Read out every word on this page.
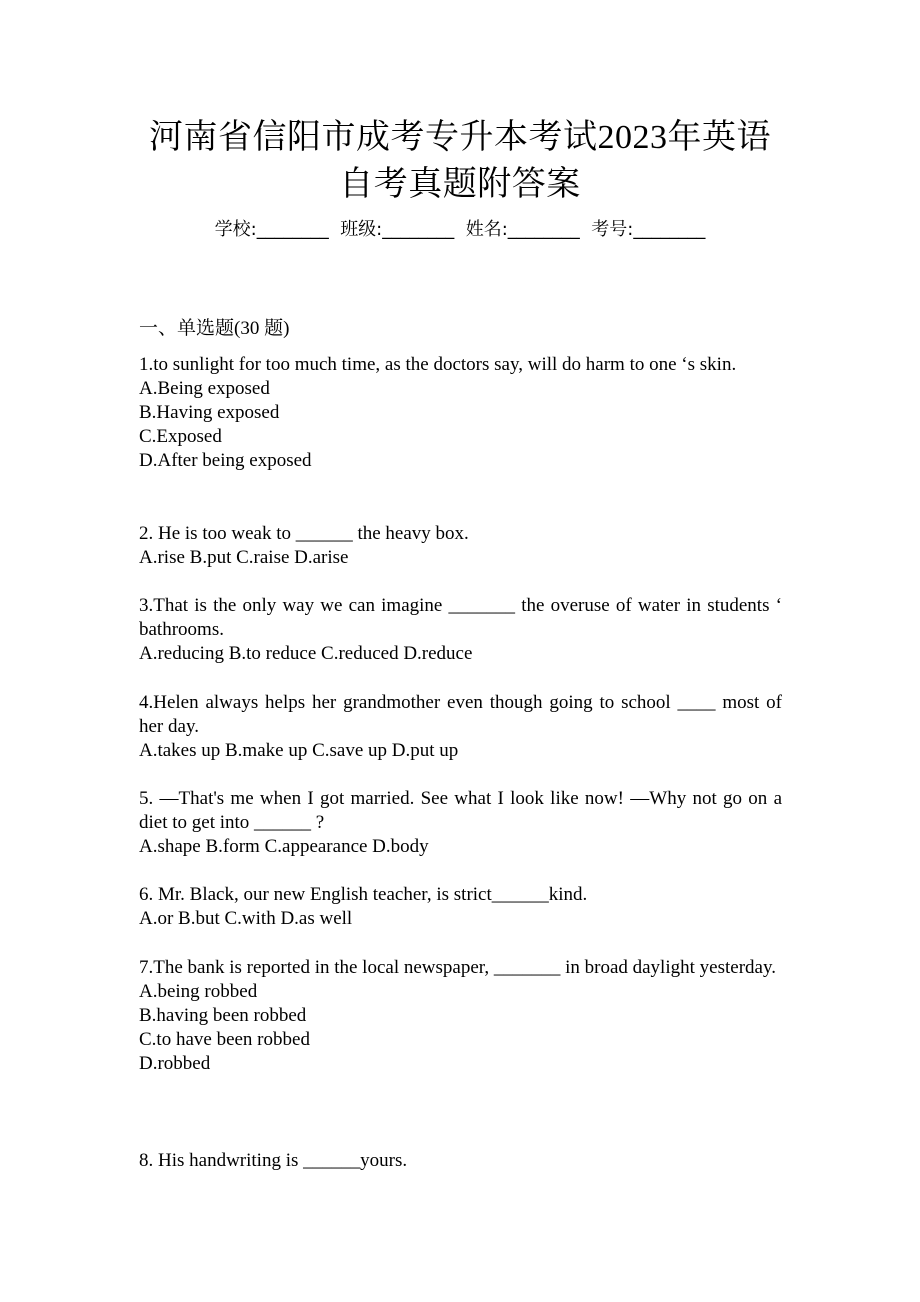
河南省信阳市成考专升本考试2023年英语
自考真题附答案
学校:________ 班级:________ 姓名:________ 考号:________
一、单选题(30 题)

1.to sunlight for too much time, as the doctors say, will do harm to one ‘s skin.

A.Being exposed
B.Having exposed
C.Exposed
D.After being exposed

2. He is too weak to ______ the heavy box.

A.rise B.put C.raise D.arise

3.That is the only way we can imagine _______ the overuse of water in students ‘ bathrooms.

A.reducing B.to reduce C.reduced D.reduce

4.Helen always helps her grandmother even though going to school ____ most of her day.

A.takes up B.make up C.save up D.put up

5. —That's me when I got married. See what I look like now! —Why not go on a diet to get into ______ ?

A.shape B.form C.appearance D.body

6. Mr. Black, our new English teacher, is strict______kind.

A.or B.but C.with D.as well

7.The bank is reported in the local newspaper, _______ in broad daylight yesterday.

A.being robbed
B.having been robbed
C.to have been robbed
D.robbed

8. His handwriting is ______yours.
